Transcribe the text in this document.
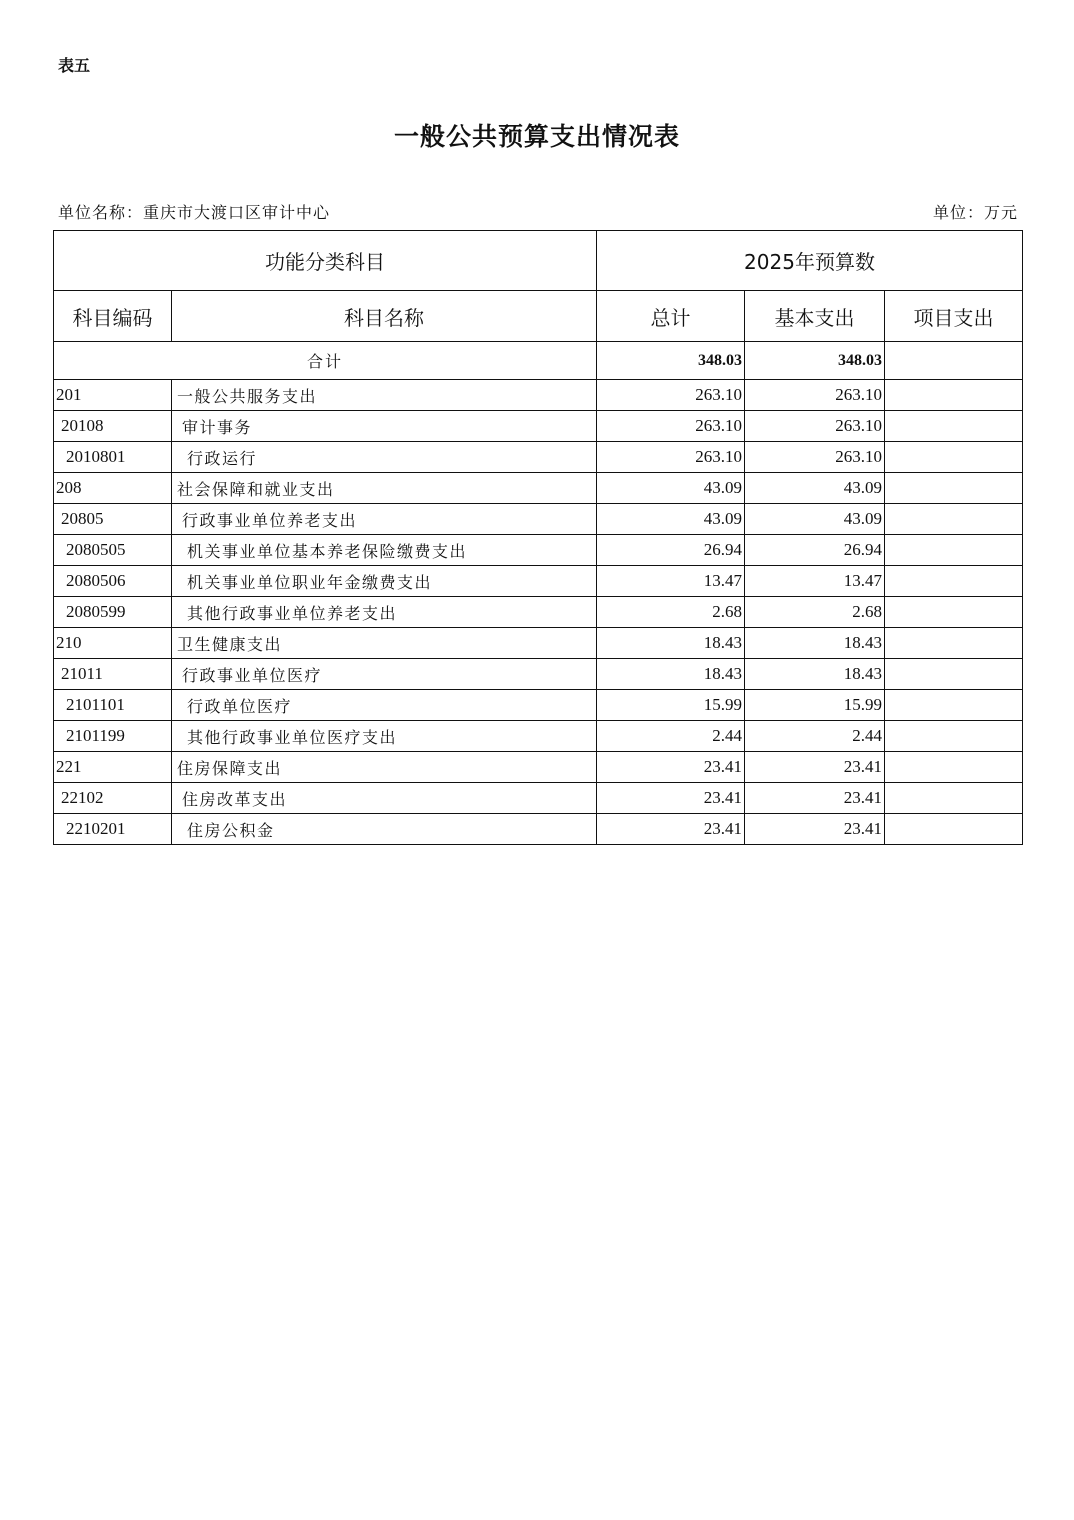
表五
一般公共预算支出情况表
单位名称：重庆市大渡口区审计中心	单位：万元
功能分类科目		2025年预算数		
科目编码	科目名称	总计	基本支出	项目支出
合计		348.03	348.03	
201	一般公共服务支出	263.10	263.10	
20108	审计事务	263.10	263.10	
2010801	行政运行	263.10	263.10	
208	社会保障和就业支出	43.09	43.09	
20805	行政事业单位养老支出	43.09	43.09	
2080505	机关事业单位基本养老保险缴费支出	26.94	26.94	
2080506	机关事业单位职业年金缴费支出	13.47	13.47	
2080599	其他行政事业单位养老支出	2.68	2.68	
210	卫生健康支出	18.43	18.43	
21011	行政事业单位医疗	18.43	18.43	
2101101	行政单位医疗	15.99	15.99	
2101199	其他行政事业单位医疗支出	2.44	2.44	
221	住房保障支出	23.41	23.41	
22102	住房改革支出	23.41	23.41	
2210201	住房公积金	23.41	23.41	
